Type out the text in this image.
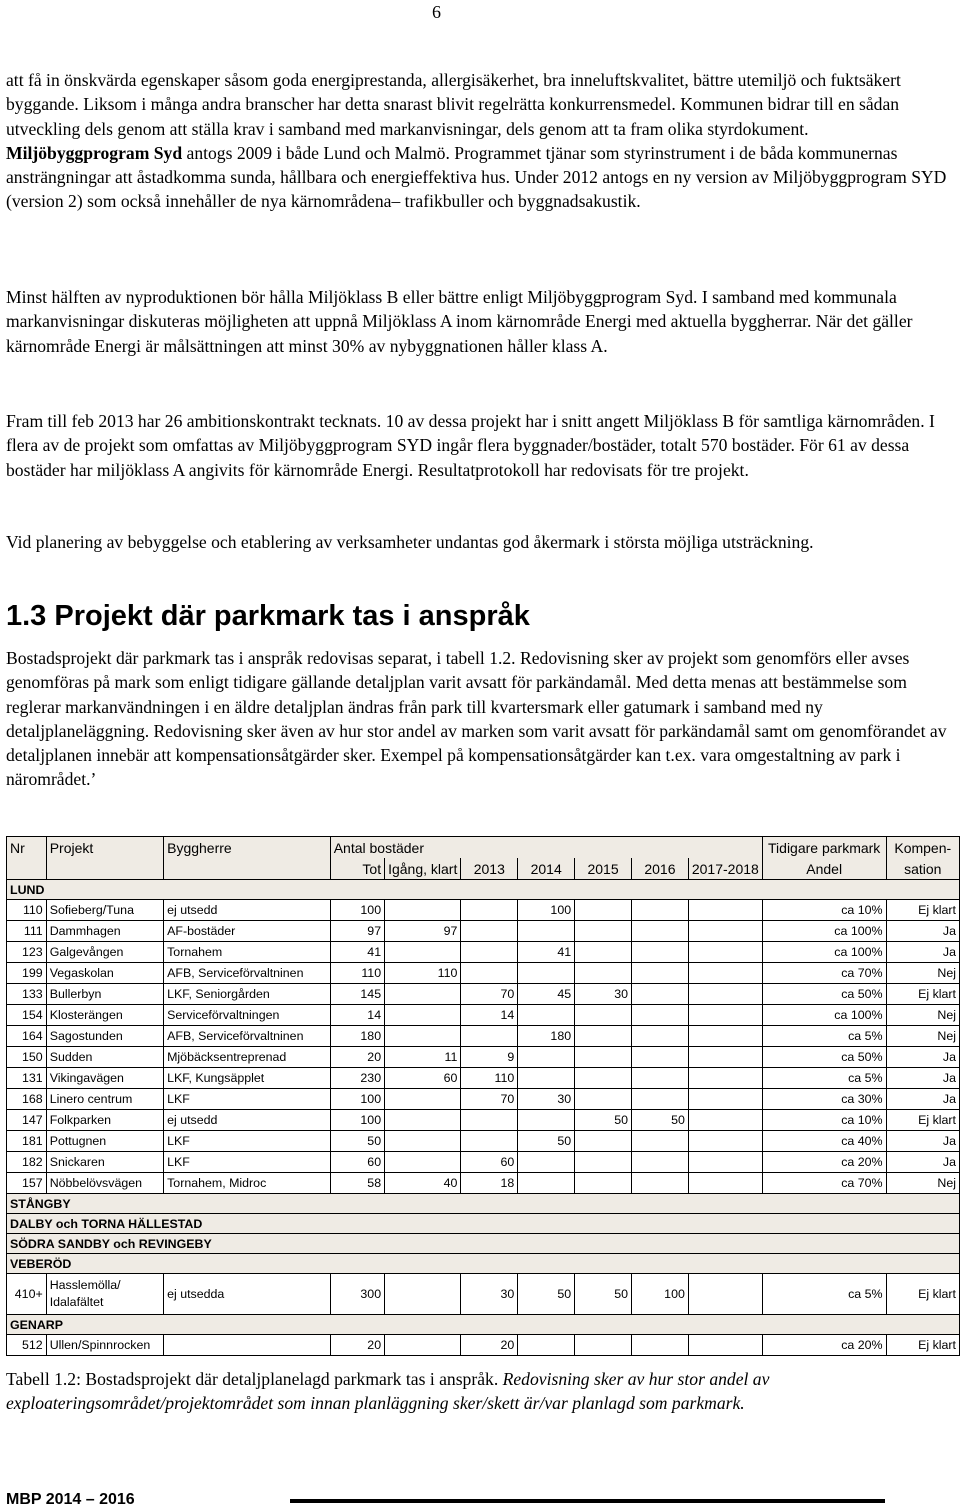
6

att få in önskvärda egenskaper såsom goda energiprestanda, allergisäkerhet, bra inneluftskvalitet, bättre utemiljö och fuktsäkert byggande. Liksom i många andra branscher har detta snarast blivit regelrätta konkurrensmedel. Kommunen bidrar till en sådan utveckling dels genom att ställa krav i samband med markanvisningar, dels genom att ta fram olika styrdokument. Miljöbyggprogram Syd antogs 2009 i både Lund och Malmö. Programmet tjänar som styrinstrument i de båda kommunernas ansträngningar att åstadkomma sunda, hållbara och energieffektiva hus. Under 2012 antogs en ny version av Miljöbyggprogram SYD (version 2) som också innehåller de nya kärnområdena– trafikbuller och byggnadsakustik.

Minst hälften av nyproduktionen bör hålla Miljöklass B eller bättre enligt Miljöbyggprogram Syd. I samband med kommunala markanvisningar diskuteras möjligheten att uppnå Miljöklass A inom kärnområde Energi med aktuella byggherrar. När det gäller kärnområde Energi är målsättningen att minst 30% av nybyggnationen håller klass A.

Fram till feb 2013 har 26 ambitionskontrakt tecknats. 10 av dessa projekt har i snitt angett Miljöklass B för samtliga kärnområden. I flera av de projekt som omfattas av Miljöbyggprogram SYD ingår flera byggnader/bostäder, totalt 570 bostäder. För 61 av dessa bostäder har miljöklass A angivits för kärnområde Energi. Resultatprotokoll har redovisats för tre projekt.

Vid planering av bebyggelse och etablering av verksamheter undantas god åkermark i största möjliga utsträckning.

1.3 Projekt där parkmark tas i anspråk

Bostadsprojekt där parkmark tas i anspråk redovisas separat, i tabell 1.2. Redovisning sker av projekt som genomförs eller avses genomföras på mark som enligt tidigare gällande detaljplan varit avsatt för parkändamål. Med detta menas att bestämmelse som reglerar markanvändningen i en äldre detaljplan ändras från park till kvartersmark eller gatumark i samband med ny detaljplaneläggning. Redovisning sker även av hur stor andel av marken som varit avsatt för parkändamål samt om genomförandet av detaljplanen innebär att kompensationsåtgärder sker. Exempel på kompensationsåtgärder kan t.ex. vara omgestaltning av park i närområdet.’

Nr	Projekt	Byggherre	Antal bostäder							Tidigare parkmark	Kompen-
			Tot	Igång, klart	2013	2014	2015	2016	2017-2018	Andel	sation
LUND											
110	Sofieberg/Tuna	ej utsedd	100			100				ca 10%	Ej klart
111	Dammhagen	AF-bostäder	97	97						ca 100%	Ja
123	Galgevången	Tornahem	41			41				ca 100%	Ja
199	Vegaskolan	AFB, Serviceförvaltninen	110	110						ca 70%	Nej
133	Bullerbyn	LKF, Seniorgården	145		70	45	30			ca 50%	Ej klart
154	Klosterängen	Serviceförvaltningen	14		14					ca 100%	Nej
164	Sagostunden	AFB, Serviceförvaltninen	180			180				ca 5%	Nej
150	Sudden	Mjöbäcksentreprenad	20	11	9					ca 50%	Ja
131	Vikingavägen	LKF, Kungsäpplet	230	60	110					ca 5%	Ja
168	Linero centrum	LKF	100		70	30				ca 30%	Ja
147	Folkparken	ej utsedd	100				50	50		ca 10%	Ej klart
181	Pottugnen	LKF	50			50				ca 40%	Ja
182	Snickaren	LKF	60		60					ca 20%	Ja
157	Nöbbelövsvägen	Tornahem, Midroc	58	40	18					ca 70%	Nej
STÅNGBY											
DALBY och TORNA HÄLLESTAD											
SÖDRA SANDBY och REVINGEBY											
VEBERÖD											
410+	Hasslemölla/
Idalafältet	ej utsedda	300		30	50	50	100		ca 5%	Ej klart
GENARP											
512	Ullen/Spinnrocken		20		20					ca 20%	Ej klart

Tabell 1.2: Bostadsprojekt där detaljplanelagd parkmark tas i anspråk. Redovisning sker av hur stor andel av exploateringsområdet/projektområdet som innan planläggning sker/skett är/var planlagd som parkmark.

MBP 2014 – 2016
